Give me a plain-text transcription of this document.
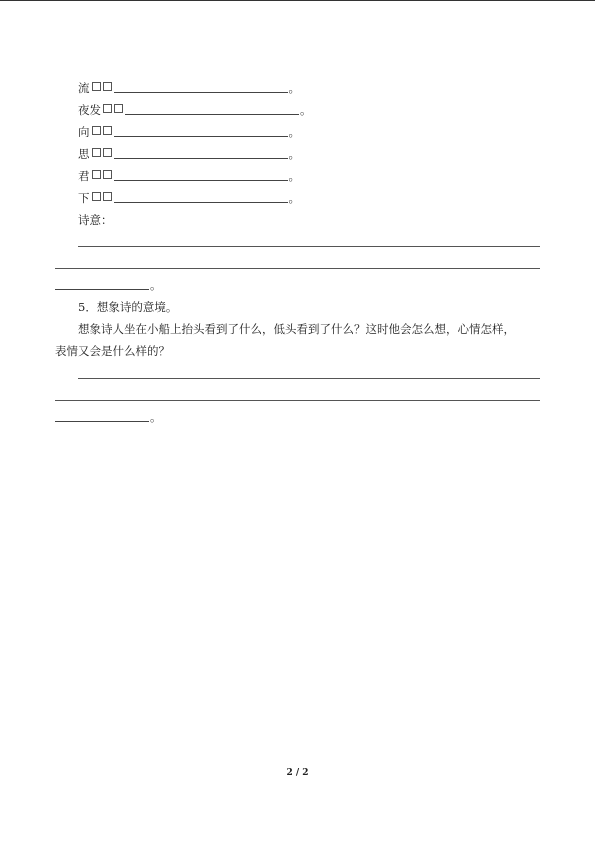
流	。
夜发	。
向	。
思	。
君	。
下	。
诗意：
。
5．想象诗的意境。
想象诗人坐在小船上抬头看到了什么，低头看到了什么？这时他会怎么想，心情怎样，
表情又会是什么样的？
。
2 / 2
